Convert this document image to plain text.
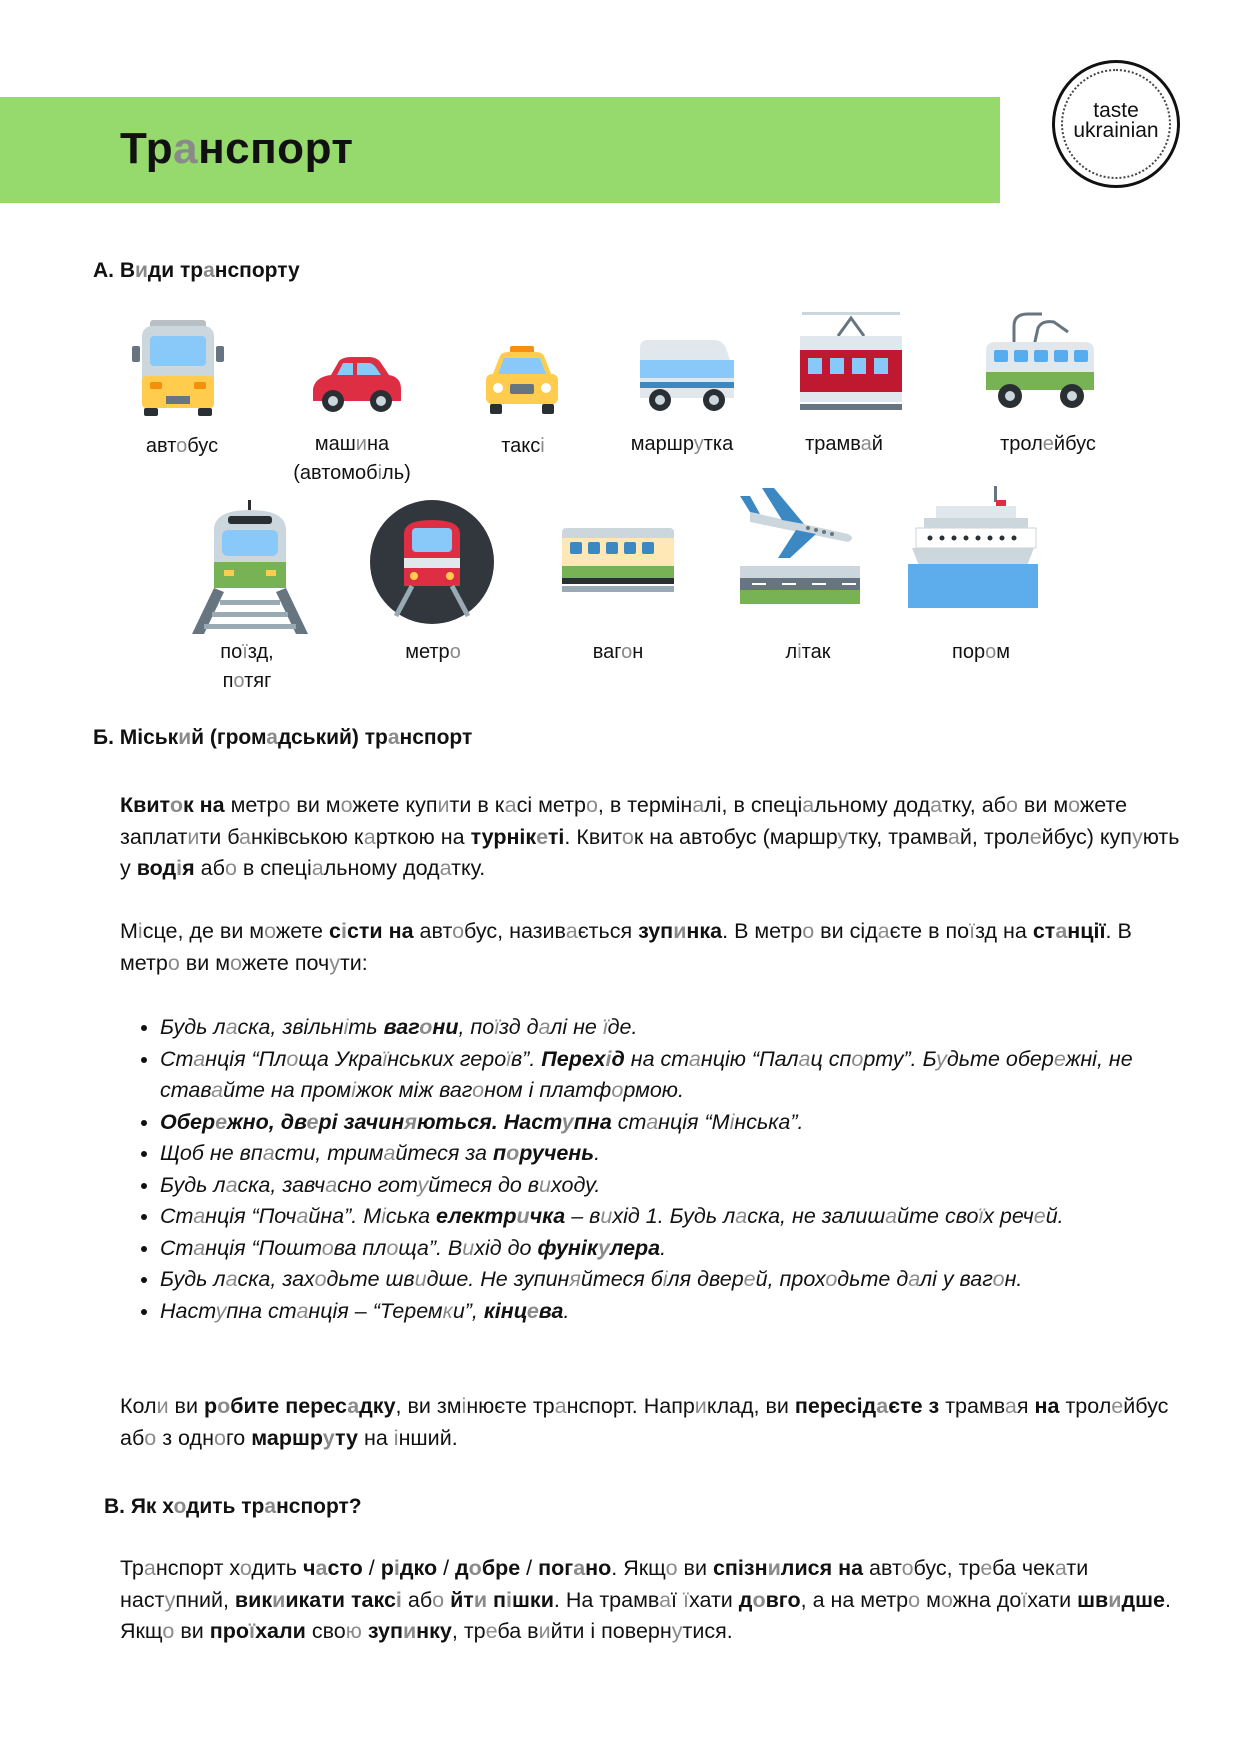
Транспорт
taste
ukrainian
А. Види транспорту
автобус	машина
(автомобіль)
таксі	маршрутка	трамвай	тролейбус
поїзд,
потяг
метро	вагон	літак	пором
Б. Міський (громадський) транспорт
Квиток на метро ви можете купити в касі метро, в терміналі, в спеціальному додатку, або ви можете заплатити банківською карткою на турнікеті. Квиток на автобус (маршрутку, трамвай, тролейбус) купують у водія або в спеціальному додатку.
Місце, де ви можете сісти на автобус, називається зупинка. В метро ви сідаєте в поїзд на станції. В метро ви можете почути:
• Будь ласка, звільніть вагони, поїзд далі не їде.
• Станція “Площа Українських героїв”. Перехід на станцію “Палац спорту”. Будьте обережні, не ставайте на проміжок між вагоном і платформою.
• Обережно, двері зачиняються. Наступна станція “Мінська”.
• Щоб не впасти, тримайтеся за поручень.
• Будь ласка, завчасно готуйтеся до виходу.
• Станція “Почайна”. Міська електричка – вихід 1. Будь ласка, не залишайте своїх речей.
• Станція “Поштова площа”. Вихід до фунікулера.
• Будь ласка, заходьте швидше. Не зупиняйтеся біля дверей, проходьте далі у вагон.
• Наступна станція – “Теремки”, кінцева.
Коли ви робите пересадку, ви змінюєте транспорт. Наприклад, ви пересідаєте з трамвая на тролейбус або з одного маршруту на інший.
В. Як ходить транспорт?
Транспорт ходить часто / рідко / добре / погано. Якщо ви спізнилися на автобус, треба чекати наступний, викиикати таксі або йти пішки. На трамваї їхати довго, а на метро можна доїхати швидше. Якщо ви проїхали свою зупинку, треба вийти і повернутися.
